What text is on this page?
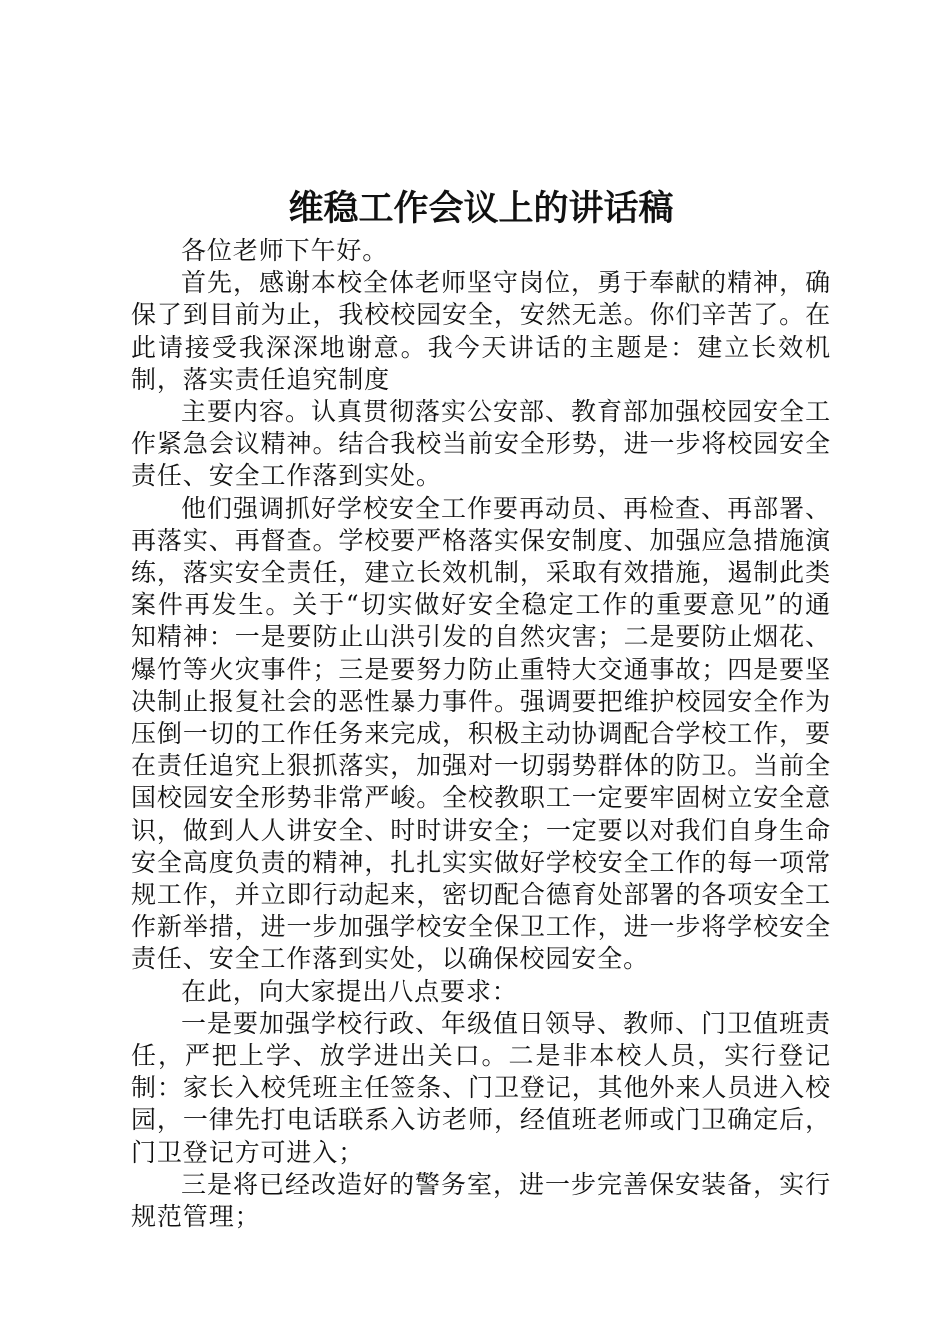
维稳工作会议上的讲话稿

各位老师下午好。

首先，感谢本校全体老师坚守岗位，勇于奉献的精神，确保了到目前为止，我校校园安全，安然无恙。你们辛苦了。在此请接受我深深地谢意。我今天讲话的主题是：建立长效机制，落实责任追究制度

主要内容。认真贯彻落实公安部、教育部加强校园安全工作紧急会议精神。结合我校当前安全形势，进一步将校园安全责任、安全工作落到实处。

他们强调抓好学校安全工作要再动员、再检查、再部署、再落实、再督查。学校要严格落实保安制度、加强应急措施演练，落实安全责任，建立长效机制，采取有效措施，遏制此类案件再发生。关于“切实做好安全稳定工作的重要意见”的通知精神：一是要防止山洪引发的自然灾害；二是要防止烟花、爆竹等火灾事件；三是要努力防止重特大交通事故；四是要坚决制止报复社会的恶性暴力事件。强调要把维护校园安全作为压倒一切的工作任务来完成，积极主动协调配合学校工作，要在责任追究上狠抓落实，加强对一切弱势群体的防卫。当前全国校园安全形势非常严峻。全校教职工一定要牢固树立安全意识，做到人人讲安全、时时讲安全；一定要以对我们自身生命安全高度负责的精神，扎扎实实做好学校安全工作的每一项常规工作，并立即行动起来，密切配合德育处部署的各项安全工作新举措，进一步加强学校安全保卫工作，进一步将学校安全责任、安全工作落到实处，以确保校园安全。

在此，向大家提出八点要求：

一是要加强学校行政、年级值日领导、教师、门卫值班责任，严把上学、放学进出关口。二是非本校人员，实行登记制：家长入校凭班主任签条、门卫登记，其他外来人员进入校园，一律先打电话联系入访老师，经值班老师或门卫确定后，门卫登记方可进入；

三是将已经改造好的警务室，进一步完善保安装备，实行规范管理；
